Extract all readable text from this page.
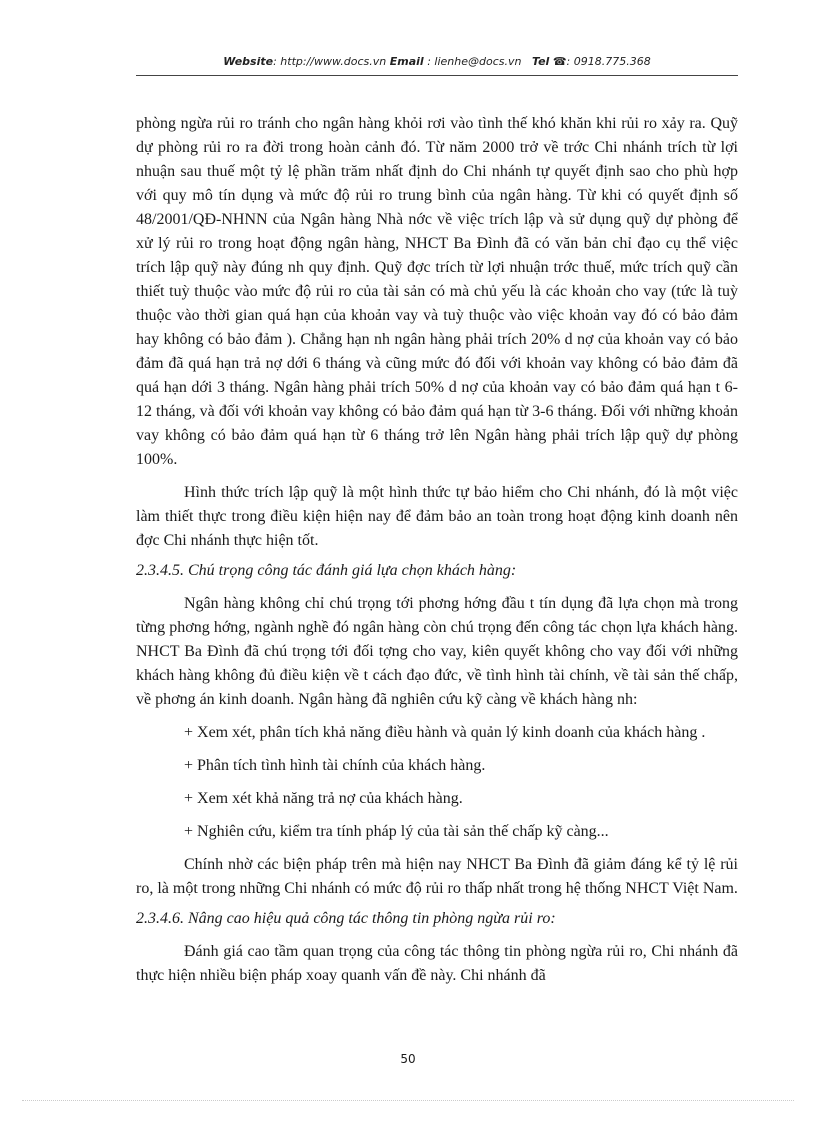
Website: http://www.docs.vn Email : lienhe@docs.vn Tel ☎: 0918.775.368

phòng ngừa rủi ro tránh cho ngân hàng khỏi rơi vào tình thế khó khăn khi rủi ro xảy ra. Quỹ dự phòng rủi ro ra đời trong hoàn cảnh đó. Từ năm 2000 trở về trớc Chi nhánh trích từ lợi nhuận sau thuế một tỷ lệ phần trăm nhất định do Chi nhánh tự quyết định sao cho phù hợp với quy mô tín dụng và mức độ rủi ro trung bình của ngân hàng. Từ khi có quyết định số 48/2001/QĐ-NHNN của Ngân hàng Nhà nớc về việc trích lập và sử dụng quỹ dự phòng để xử lý rủi ro trong hoạt động ngân hàng, NHCT Ba Đình đã có văn bản chỉ đạo cụ thể việc trích lập quỹ này đúng nh quy định. Quỹ đợc trích từ lợi nhuận trớc thuế, mức trích quỹ cần thiết tuỳ thuộc vào mức độ rủi ro của tài sản có mà chủ yếu là các khoản cho vay (tức là tuỳ thuộc vào thời gian quá hạn của khoản vay và tuỳ thuộc vào việc khoản vay đó có bảo đảm hay không có bảo đảm ). Chẳng hạn nh ngân hàng phải trích 20% d nợ của khoản vay có bảo đảm đã quá hạn trả nợ dới 6 tháng và cũng mức đó đối với khoản vay không có bảo đảm đã quá hạn dới 3 tháng. Ngân hàng phải trích 50% d nợ của khoản vay có bảo đảm quá hạn t 6-12 tháng, và đối với khoản vay không có bảo đảm quá hạn từ 3-6 tháng. Đối với những khoản vay không có bảo đảm quá hạn từ 6 tháng trở lên Ngân hàng phải trích lập quỹ dự phòng 100%.

Hình thức trích lập quỹ là một hình thức tự bảo hiểm cho Chi nhánh, đó là một việc làm thiết thực trong điều kiện hiện nay để đảm bảo an toàn trong hoạt động kinh doanh nên đợc Chi nhánh thực hiện tốt.

2.3.4.5. Chú trọng công tác đánh giá lựa chọn khách hàng:

Ngân hàng không chỉ chú trọng tới phơng hớng đầu t tín dụng đã lựa chọn mà trong từng phơng hớng, ngành nghề đó ngân hàng còn chú trọng đến công tác chọn lựa khách hàng. NHCT Ba Đình đã chú trọng tới đối tợng cho vay, kiên quyết không cho vay đối với những khách hàng không đủ điều kiện về t cách đạo đức, về tình hình tài chính, về tài sản thế chấp, về phơng án kinh doanh. Ngân hàng đã nghiên cứu kỹ càng về khách hàng nh:

+ Xem xét, phân tích khả năng điều hành và quản lý kinh doanh của khách hàng .

+ Phân tích tình hình tài chính của khách hàng.

+ Xem xét khả năng trả nợ của khách hàng.

+ Nghiên cứu, kiểm tra tính pháp lý của tài sản thế chấp kỹ càng...

Chính nhờ các biện pháp trên mà hiện nay NHCT Ba Đình đã giảm đáng kể tỷ lệ rủi ro, là một trong những Chi nhánh có mức độ rủi ro thấp nhất trong hệ thống NHCT Việt Nam.

2.3.4.6. Nâng cao hiệu quả công tác thông tin phòng ngừa rủi ro:

Đánh giá cao tầm quan trọng của công tác thông tin phòng ngừa rủi ro, Chi nhánh đã thực hiện nhiều biện pháp xoay quanh vấn đề này. Chi nhánh đã

50
